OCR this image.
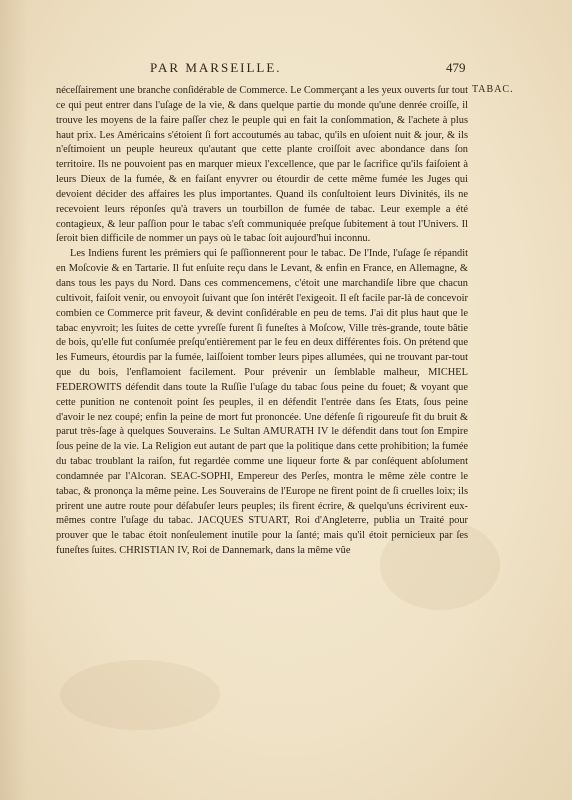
PAR MARSEILLE.	479
TABAC.

néceſſairement une branche conſidérable de Commerce. Le Commerçant a les yeux ouverts ſur tout ce qui peut entrer dans l'uſage de la vie, & dans quelque partie du monde qu'une denrée croiſſe, il trouve les moyens de la faire paſſer chez le peuple qui en fait la conſommation, & l'achete à plus haut prix. Les Américains s'étoient ſi fort accoutumés au tabac, qu'ils en uſoient nuit & jour, & ils n'eſtimoient un peuple heureux qu'autant que cette plante croiſſoit avec abondance dans ſon territoire. Ils ne pouvoient pas en marquer mieux l'excellence, que par le ſacrifice qu'ils faiſoient à leurs Dieux de la fumée, & en faiſant enyvrer ou étourdir de cette même fumée les Juges qui devoient décider des affaires les plus importantes. Quand ils conſultoient leurs Divinités, ils ne recevoient leurs réponſes qu'à travers un tourbillon de fumée de tabac. Leur exemple a été contagieux, & leur paſſion pour le tabac s'eſt communiquée preſque ſubitement à tout l'Univers. Il ſeroit bien difficile de nommer un pays où le tabac ſoit aujourd'hui inconnu.

Les Indiens furent les prémiers qui ſe paſſionnerent pour le tabac. De l'Inde, l'uſage ſe répandit en Moſcovie & en Tartarie. Il fut enſuite reçu dans le Levant, & enfin en France, en Allemagne, & dans tous les pays du Nord. Dans ces commencemens, c'étoit une marchandiſe libre que chacun cultivoit, faiſoit venir, ou envoyoit ſuivant que ſon intérêt l'exigeoit. Il eſt facile par-là de concevoir combien ce Commerce prit faveur, & devint conſidérable en peu de tems. J'ai dit plus haut que le tabac enyvroit; les ſuites de cette yvreſſe furent ſi funeſtes à Moſcow, Ville très-grande, toute bâtie de bois, qu'elle fut conſumée preſqu'entièrement par le feu en deux différentes fois. On prétend que les Fumeurs, étourdis par la fumée, laiſſoient tomber leurs pipes allumées, qui ne trouvant par-tout que du bois, l'enflamoient facilement. Pour prévenir un ſemblable malheur, MICHEL FEDEROWITS défendit dans toute la Ruſſie l'uſage du tabac ſous peine du fouet; & voyant que cette punition ne contenoit point ſes peuples, il en défendit l'entrée dans ſes Etats, ſous peine d'avoir le nez coupé; enfin la peine de mort fut prononcée. Une défenſe ſi rigoureuſe fit du bruit & parut très-ſage à quelques Souverains. Le Sultan AMURATH IV le défendit dans tout ſon Empire ſous peine de la vie. La Religion eut autant de part que la politique dans cette prohibition; la fumée du tabac troublant la raiſon, fut regardée comme une liqueur forte & par conſéquent abſolument condamnée par l'Alcoran. SEAC-SOPHI, Empereur des Perſes, montra le même zèle contre le tabac, & prononça la même peine. Les Souverains de l'Europe ne firent point de ſi cruelles loix; ils prirent une autre route pour déſabuſer leurs peuples; ils firent écrire, & quelqu'uns écrivirent eux-mêmes contre l'uſage du tabac. JACQUES STUART, Roi d'Angleterre, publia un Traité pour prouver que le tabac étoit nonſeulement inutile pour la ſanté; mais qu'il étoit pernicieux par ſes funeſtes ſuites. CHRISTIAN IV, Roi de Dannemark, dans la même vûe
